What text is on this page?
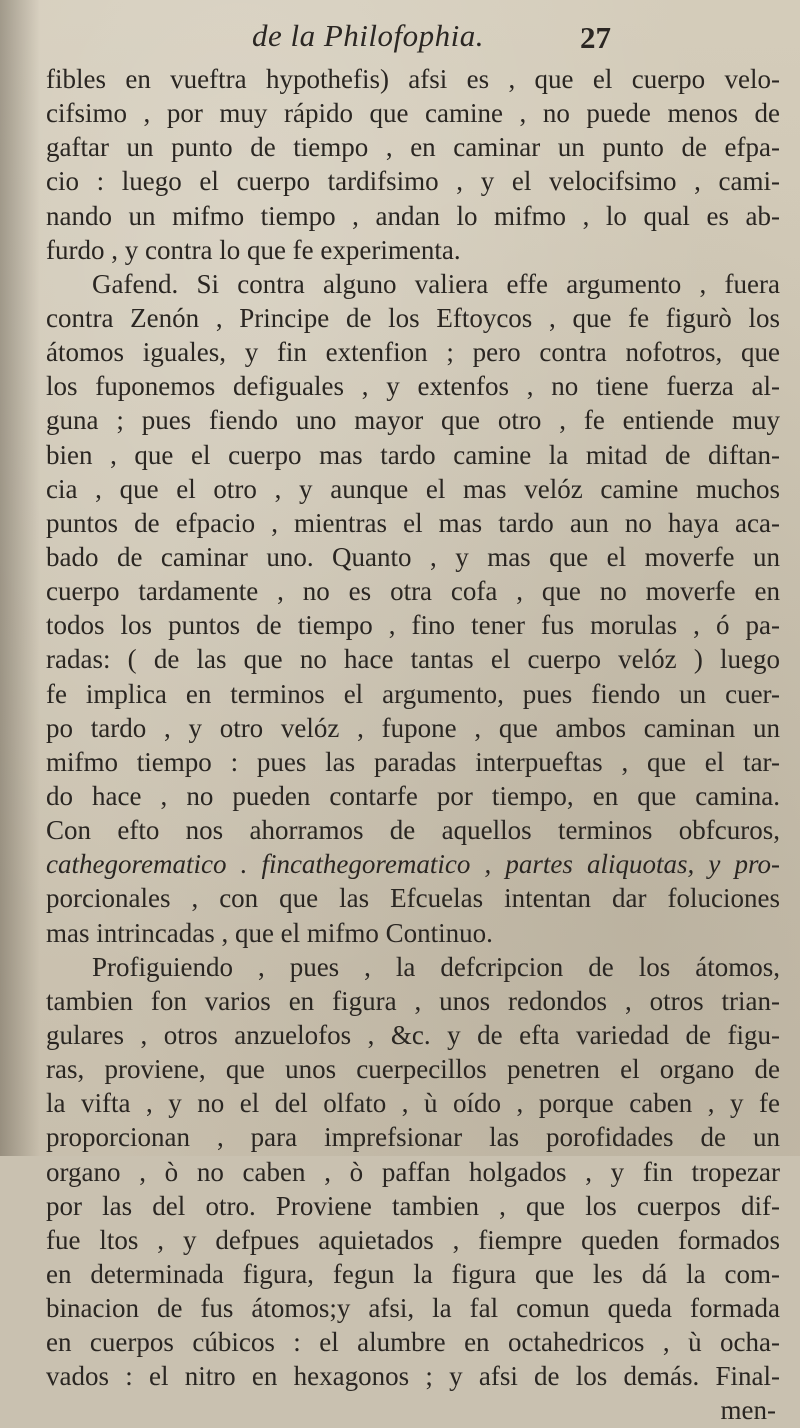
de la Philofophia.	27
fibles en vueftra hypothefis) afsi es , que el cuerpo velo-
cifsimo , por muy rápido que camine , no puede menos de
gaftar un punto de tiempo , en caminar un punto de efpa-
cio : luego el cuerpo tardifsimo , y el velocifsimo , cami-
nando un mifmo tiempo , andan lo mifmo , lo qual es ab-
furdo , y contra lo que fe experimenta.
Gafend. Si contra alguno valiera effe argumento , fuera
contra Zenón , Principe de los Eftoycos , que fe figurò los
átomos iguales, y fin extenfion ; pero contra nofotros, que
los fuponemos defiguales , y extenfos , no tiene fuerza al-
guna ; pues fiendo uno mayor que otro , fe entiende muy
bien , que el cuerpo mas tardo camine la mitad de diftan-
cia , que el otro , y aunque el mas velóz camine muchos
puntos de efpacio , mientras el mas tardo aun no haya aca-
bado de caminar uno. Quanto , y mas que el moverfe un
cuerpo tardamente , no es otra cofa , que no moverfe en
todos los puntos de tiempo , fino tener fus morulas , ó pa-
radas: ( de las que no hace tantas el cuerpo velóz ) luego
fe implica en terminos el argumento, pues fiendo un cuer-
po tardo , y otro velóz , fupone , que ambos caminan un
mifmo tiempo : pues las paradas interpueftas , que el tar-
do hace , no pueden contarfe por tiempo, en que camina.
Con efto nos ahorramos de aquellos terminos obfcuros,
cathegorematico . fincathegorematico , partes aliquotas, y pro-
porcionales , con que las Efcuelas intentan dar foluciones
mas intrincadas , que el mifmo Continuo.
Profiguiendo , pues , la defcripcion de los átomos,
tambien fon varios en figura , unos redondos , otros trian-
gulares , otros anzuelofos , &c. y de efta variedad de figu-
ras, proviene, que unos cuerpecillos penetren el organo de
la vifta , y no el del olfato , ù oído , porque caben , y fe
proporcionan , para imprefsionar las porofidades de un
organo , ò no caben , ò paffan holgados , y fin tropezar
por las del otro. Proviene tambien , que los cuerpos dif-
fue ltos , y defpues aquietados , fiempre queden formados
en determinada figura, fegun la figura que les dá la com-
binacion de fus átomos;y afsi, la fal comun queda formada
en cuerpos cúbicos : el alumbre en octahedricos , ù ocha-
vados : el nitro en hexagonos ; y afsi de los demás. Final-
men-
